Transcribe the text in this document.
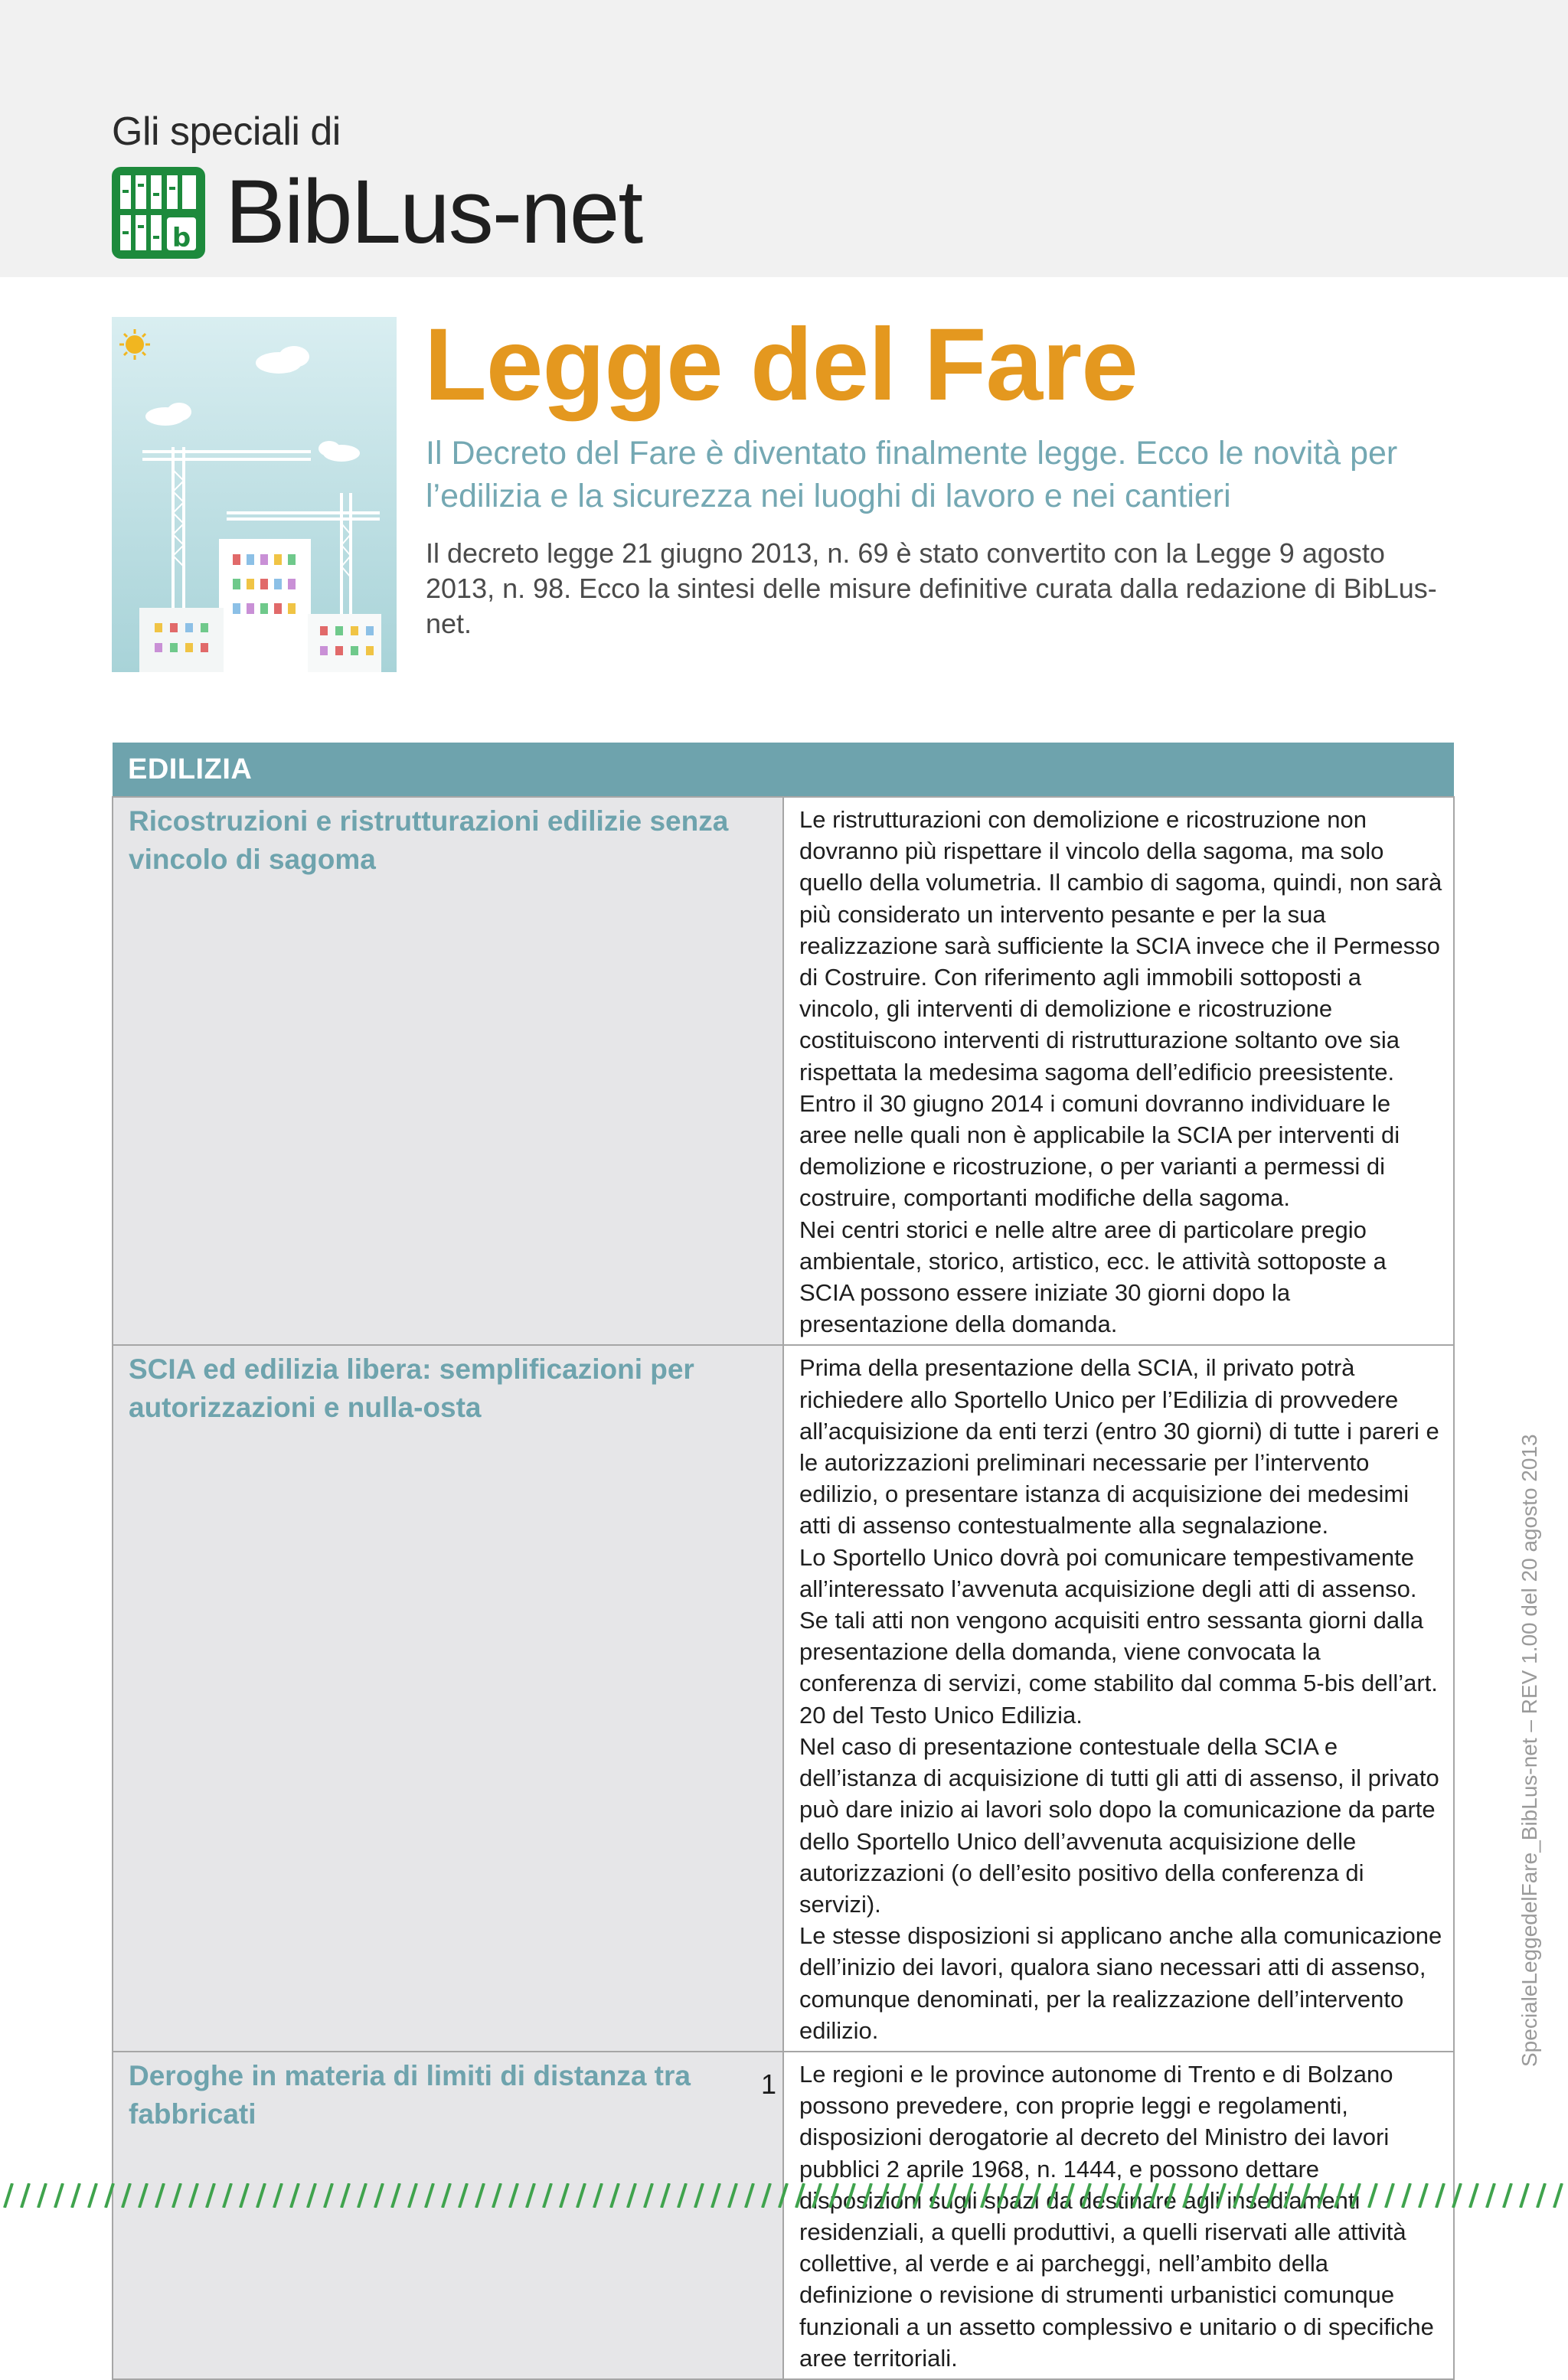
Gli speciali di
b BibLus-net
Legge del Fare
Il Decreto del Fare è diventato finalmente legge. Ecco le novità per l’edilizia e la sicurezza nei luoghi di lavoro e nei cantieri
Il decreto legge 21 giugno 2013, n. 69 è stato convertito con la Legge 9 agosto 2013, n. 98. Ecco la sintesi delle misure definitive curata dalla redazione di BibLus-net.
EDILIZIA	
Ricostruzioni e ristrutturazioni edilizie senza vincolo di sagoma	Le ristrutturazioni con demolizione e ricostruzione non dovranno più rispettare il vincolo della sagoma, ma solo quello della volumetria. Il cambio di sagoma, quindi, non sarà più considerato un intervento pesante e per la sua realizzazione sarà sufficiente la SCIA invece che il Permesso di Costruire. Con riferimento agli immobili sottoposti a vincolo, gli interventi di demolizione e ricostruzione costituiscono interventi di ristrutturazione soltanto ove sia rispettata la medesima sagoma dell’edificio preesistente. Entro il 30 giugno 2014 i comuni dovranno individuare le aree nelle quali non è applicabile la SCIA per interventi di demolizione e ricostruzione, o per varianti a permessi di costruire, comportanti modifiche della sagoma.

Nei centri storici e nelle altre aree di particolare pregio ambientale, storico, artistico, ecc. le attività sottoposte a SCIA possono essere iniziate 30 giorni dopo la presentazione della domanda.

SCIA ed edilizia libera: semplificazioni per autorizzazioni e nulla-osta	Prima della presentazione della SCIA, il privato potrà richiedere allo Sportello Unico per l’Edilizia di provvedere all’acquisizione da enti terzi (entro 30 giorni) di tutte i pareri e le autorizzazioni preliminari necessarie per l’intervento edilizio, o presentare istanza di acquisizione dei medesimi atti di assenso contestualmente alla segnalazione.

Lo Sportello Unico dovrà poi comunicare tempestivamente all’interessato l’avvenuta acquisizione degli atti di assenso.

Se tali atti non vengono acquisiti entro sessanta giorni dalla presentazione della domanda, viene convocata la conferenza di servizi, come stabilito dal comma 5-bis dell’art. 20 del Testo Unico Edilizia.

Nel caso di presentazione contestuale della SCIA e dell’istanza di acquisizione di tutti gli atti di assenso, il privato può dare inizio ai lavori solo dopo la comunicazione da parte dello Sportello Unico dell’avvenuta acquisizione delle autorizzazioni (o dell’esito positivo della conferenza di servizi).

Le stesse disposizioni si applicano anche alla comunicazione dell’inizio dei lavori, qualora siano necessari atti di assenso, comunque denominati, per la realizzazione dell’intervento edilizio.

Deroghe in materia di limiti di distanza tra fabbricati	Le regioni e le province autonome di Trento e di Bolzano possono prevedere, con proprie leggi e regolamenti, disposizioni derogatorie al decreto del Ministro dei lavori pubblici 2 aprile 1968, n. 1444, e possono dettare residenziali, a quelli produttivi, a quelli riservati alle attività collettive, al verde e ai parcheggi, nell’ambito della definizione o revisione di strumenti urbanistici comunque funzionali a un assetto complessivo e unitario o di specifiche aree territoriali.

1
SpecialeLeggedelFare_BibLus-net – REV 1.00 del 20 agosto 2013
